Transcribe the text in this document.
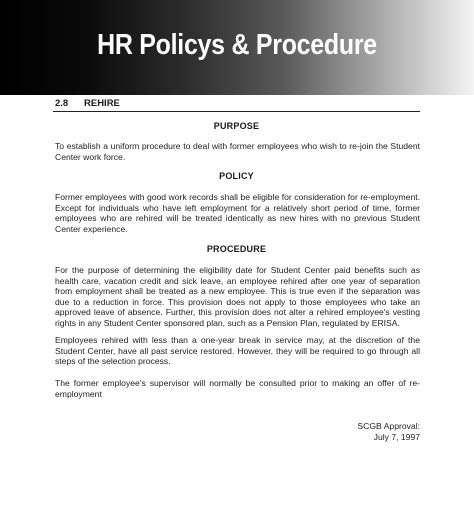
HR Policys & Procedure
2.8 REHIRE
PURPOSE
To establish a uniform procedure to deal with former employees who wish to re-join the Student Center work force.
POLICY
Former employees with good work records shall be eligible for consideration for re-employment. Except for individuals who have left employment for a relatively short period of time, former employees who are rehired will be treated identically as new hires with no previous Student Center experience.
PROCEDURE
For the purpose of determining the eligibility date for Student Center paid benefits such as health care, vacation credit and sick leave, an employee rehired after one year of separation from employment shall be treated as a new employee. This is true even if the separation was due to a reduction in force. This provision does not apply to those employees who take an approved leave of absence. Further, this provision does not alter a rehired employee's vesting rights in any Student Center sponsored plan, such as a Pension Plan, regulated by ERISA.
Employees rehired with less than a one-year break in service may, at the discretion of the Student Center, have all past service restored. However, they will be required to go through all steps of the selection process.
The former employee's supervisor will normally be consulted prior to making an offer of re-employment
SCGB Approval:
July 7, 1997
